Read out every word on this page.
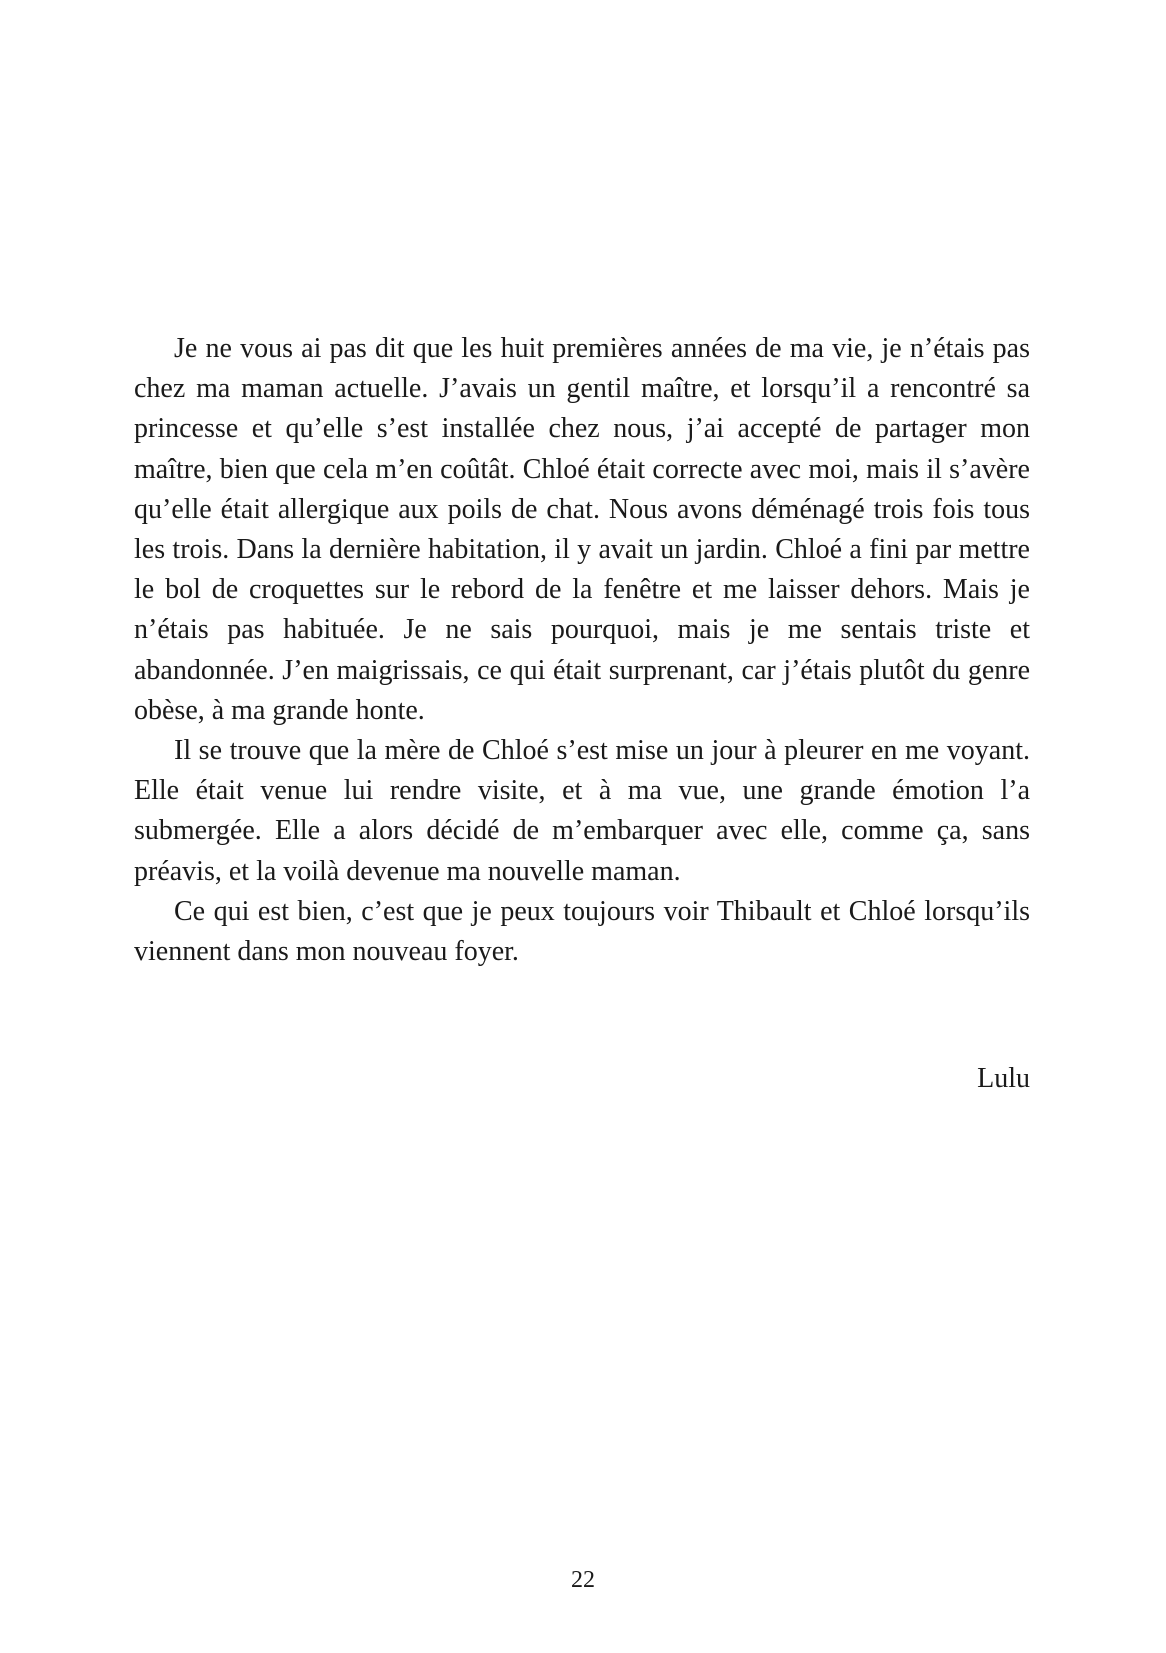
Je ne vous ai pas dit que les huit premières années de ma vie, je n’étais pas chez ma maman actuelle. J’avais un gentil maître, et lorsqu’il a rencontré sa princesse et qu’elle s’est installée chez nous, j’ai accepté de partager mon maître, bien que cela m’en coûtât. Chloé était correcte avec moi, mais il s’avère qu’elle était allergique aux poils de chat. Nous avons déménagé trois fois tous les trois. Dans la dernière habitation, il y avait un jardin. Chloé a fini par mettre le bol de croquettes sur le rebord de la fenêtre et me laisser dehors. Mais je n’étais pas habituée. Je ne sais pourquoi, mais je me sentais triste et abandonnée. J’en maigrissais, ce qui était surprenant, car j’étais plutôt du genre obèse, à ma grande honte.

Il se trouve que la mère de Chloé s’est mise un jour à pleurer en me voyant. Elle était venue lui rendre visite, et à ma vue, une grande émotion l’a submergée. Elle a alors décidé de m’embarquer avec elle, comme ça, sans préavis, et la voilà devenue ma nouvelle maman.

Ce qui est bien, c’est que je peux toujours voir Thibault et Chloé lorsqu’ils viennent dans mon nouveau foyer.

Lulu
22
